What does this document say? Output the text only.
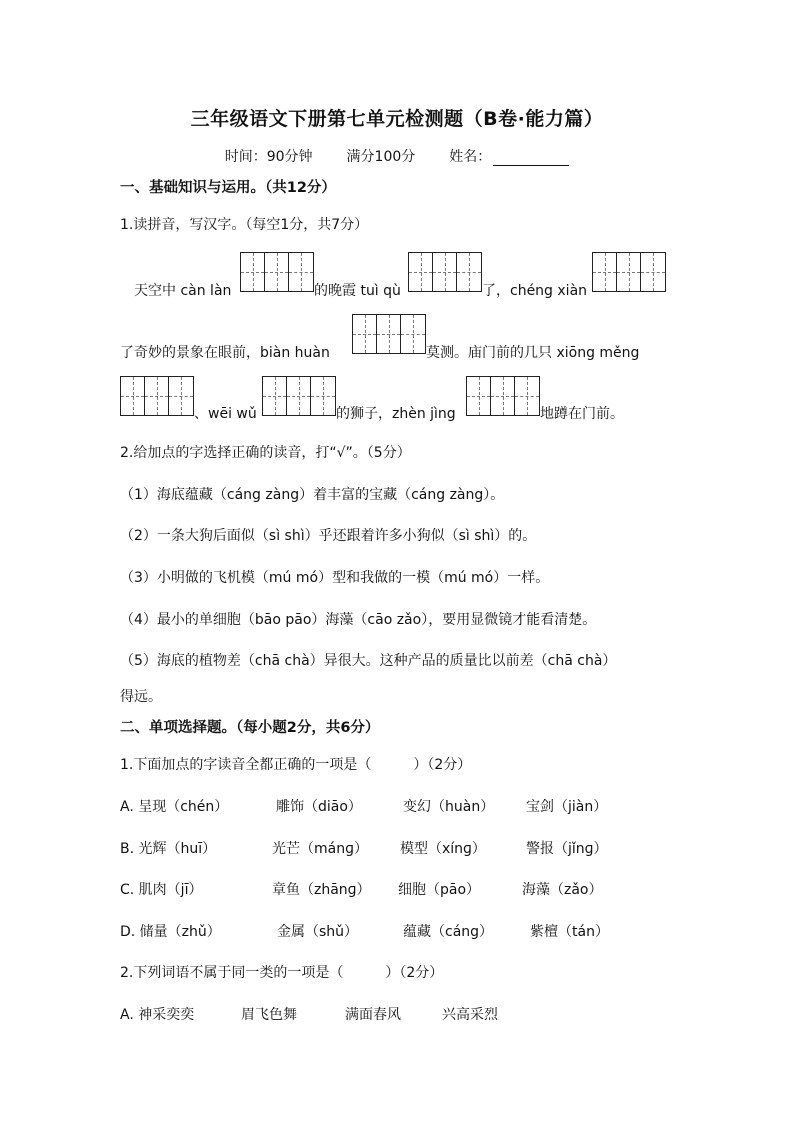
三年级语文下册第七单元检测题（B卷·能力篇）
时间：90分钟 满分100分 姓名：
一、基础知识与运用。（共12分）
1.读拼音，写汉字。（每空1分，共7分）
天空中 càn làn	的晚霞 tuì qù	了，chéng xiàn
了奇妙的景象在眼前，biàn huàn	莫测。庙门前的几只 xiōng měng
、wēi wǔ	的狮子，zhèn jìng	地蹲在门前。
2.给加点的字选择正确的读音，打“√”。（5分）
（1）海底蕴藏（cáng zàng）着丰富的宝藏（cáng zàng）。
（2）一条大狗后面似（sì shì）乎还跟着许多小狗似（sì shì）的。
（3）小明做的飞机模（mú mó）型和我做的一模（mú mó）一样。
（4）最小的单细胞（bāo pāo）海藻（cāo zǎo），要用显微镜才能看清楚。
（5）海底的植物差（chā chà）异很大。这种产品的质量比以前差（chā chà）
得远。
二、单项选择题。（每小题2分，共6分）
1.下面加点的字读音全都正确的一项是（　　　）（2分）
A. 呈现（chén）	雕饰（diāo）	变幻（huàn） 宝剑（jiàn）
B. 光辉（huī）	光芒（mánɡ） 模型（xínɡ）	警报（jǐnɡ）
C. 肌肉（jī）	章鱼（zhānɡ） 细胞（pāo）	海藻（zǎo）
D. 储量（zhǔ）	金属（shǔ）	蕴藏（cáng）	紫檀（tán）
2.下列词语不属于同一类的一项是（　　　）（2分）
A. 神采奕奕	眉飞色舞	满面春风	兴高采烈
